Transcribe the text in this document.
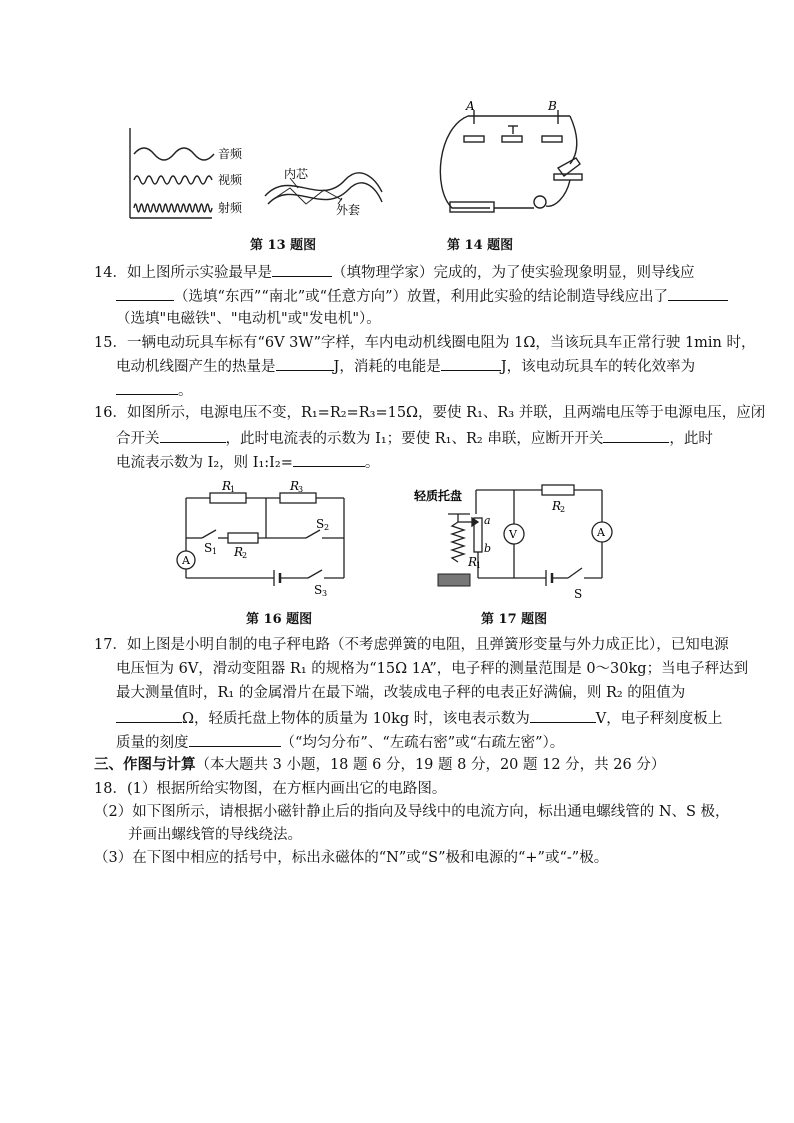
音频
视频
射频
内芯
外套
第 13 题图
A	B
第 14 题图
14．如上图所示实验最早是	（填物理学家）完成的，为了使实验现象明显，则导线应
（选填“东西”“南北”或“任意方向”）放置，利用此实验的结论制造导线应出了
（选填"电磁铁"、"电动机"或"发电机"）。
15．一辆电动玩具车标有“6V 3W”字样，车内电动机线圈电阻为 1Ω，当该玩具车正常行驶 1min 时，
电动机线圈产生的热量是	J，消耗的电能是	J，该电动玩具车的转化效率为
。
16．如图所示，电源电压不变，R₁=R₂=R₃=15Ω，要使 R₁、R₃ 并联，且两端电压等于电源电压，应闭
合开关	，此时电流表的示数为 I₁；要使 R₁、R₂ 串联，应断开开关	，此时
电流表示数为 I₂，则 I₁:I₂=	。
A
R
1	R
3
R
2
S 1
S 2
S 3
第 16 题图
V	A
轻质托盘
a
b
R
1
R
2
S
第 17 题图
17．如上图是小明自制的电子秤电路（不考虑弹簧的电阻，且弹簧形变量与外力成正比），已知电源
电压恒为 6V，滑动变阻器 R₁ 的规格为“15Ω 1A”，电子秤的测量范围是 0～30kg；当电子秤达到
最大测量值时，R₁ 的金属滑片在最下端，改装成电子秤的电表正好满偏，则 R₂ 的阻值为
Ω，轻质托盘上物体的质量为 10kg 时，该电表示数为	V，电子秤刻度板上
质量的刻度	（“均匀分布”、“左疏右密”或“右疏左密”）。
三、作图与计算（本大题共 3 小题，18 题 6 分，19 题 8 分，20 题 12 分，共 26 分）
18．(1）根据所给实物图，在方框内画出它的电路图。
（2）如下图所示，请根据小磁针静止后的指向及导线中的电流方向，标出通电螺线管的 N、S 极，
并画出螺线管的导线绕法。
（3）在下图中相应的括号中，标出永磁体的“N”或“S”极和电源的“+”或“-”极。
